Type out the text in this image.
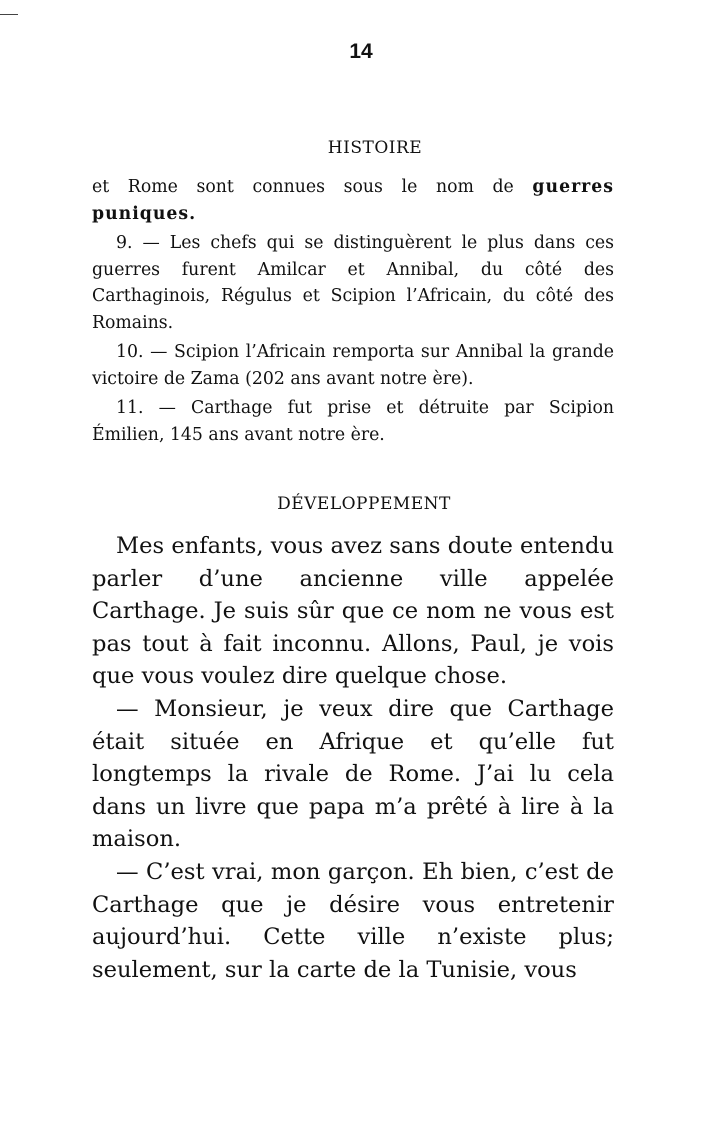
14
HISTOIRE

et Rome sont connues sous le nom de guerres puniques.

9. — Les chefs qui se distinguèrent le plus dans ces guerres furent Amilcar et Annibal, du côté des Carthaginois, Régulus et Scipion l’Africain, du côté des Romains.

10. — Scipion l’Africain remporta sur Annibal la grande victoire de Zama (202 ans avant notre ère).

11. — Carthage fut prise et détruite par Scipion Émilien, 145 ans avant notre ère.

DÉVELOPPEMENT

Mes enfants, vous avez sans doute entendu parler d’une ancienne ville appelée Carthage. Je suis sûr que ce nom ne vous est pas tout à fait inconnu. Allons, Paul, je vois que vous voulez dire quelque chose.

— Monsieur, je veux dire que Carthage était située en Afrique et qu’elle fut longtemps la rivale de Rome. J’ai lu cela dans un livre que papa m’a prêté à lire à la maison.

— C’est vrai, mon garçon. Eh bien, c’est de Carthage que je désire vous entretenir aujourd’hui. Cette ville n’existe plus; seulement, sur la carte de la Tunisie, vous
